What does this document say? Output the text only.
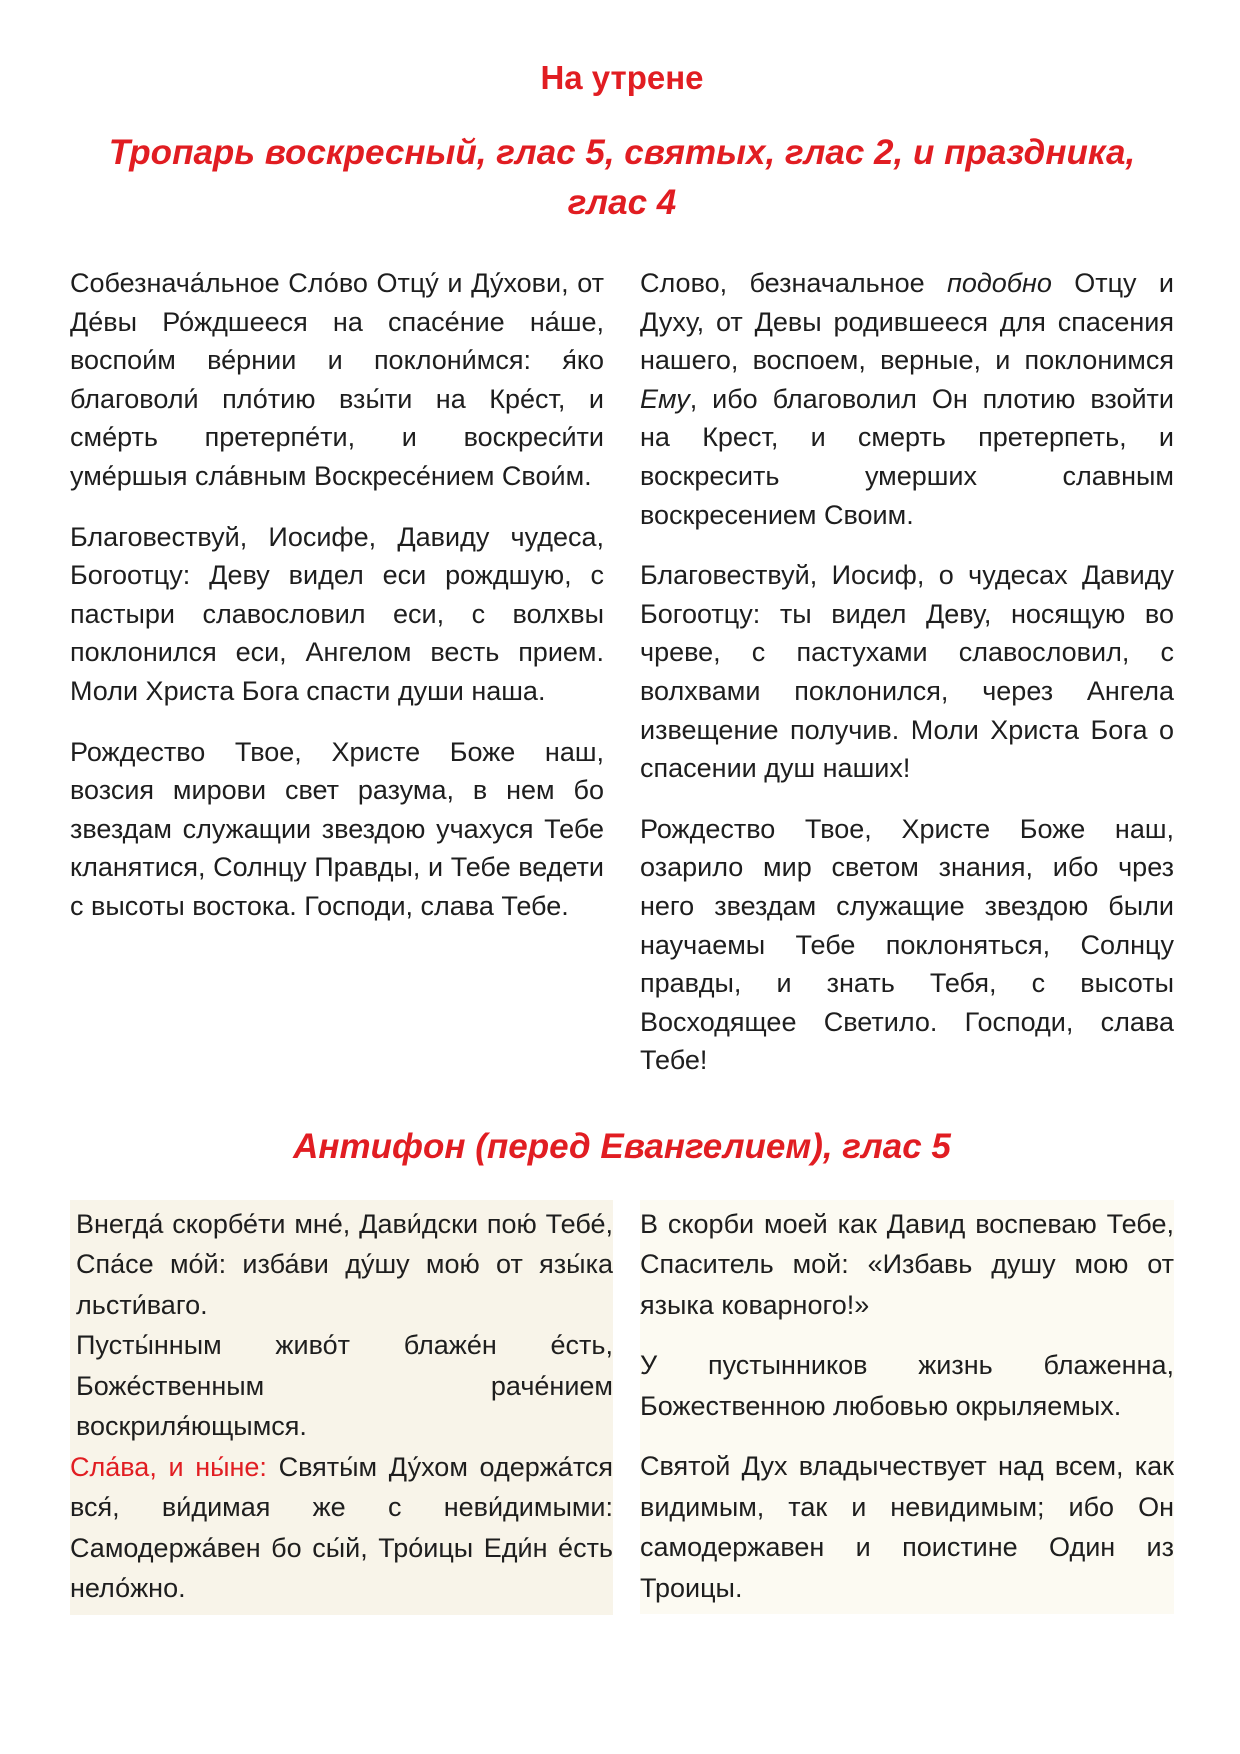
На утрене
Тропарь воскресный, глас 5, святых, глас 2, и праздника, глас 4

Собезнача́льное Сло́во Отцу́ и Ду́хови, от Де́вы Ро́ждшееся на спасе́ние на́ше, воспои́м ве́рнии и поклони́мся: я́ко благоволи́ пло́тию взы́ти на Кре́ст, и сме́рть претерпе́ти, и воскреси́ти уме́ршыя сла́вным Воскресе́нием Свои́м.

Благовествуй, Иосифе, Давиду чудеса, Богоотцу: Деву видел еси рождшую, с пастыри славословил еси, с волхвы поклонился еси, Ангелом весть прием. Моли Христа Бога спасти души наша.

Рождество Твое, Христе Боже наш, возсия мирови свет разума, в нем бо звездам служащии звездою учахуся Тебе кланятися, Солнцу Правды, и Тебе ведети с высоты востока. Господи, слава Тебе.

Слово, безначальное подобно Отцу и Духу, от Девы родившееся для спасения нашего, воспоем, верные, и поклонимся Ему, ибо благоволил Он плотию взойти на Крест, и смерть претерпеть, и воскресить умерших славным воскресением Своим.

Благовествуй, Иосиф, о чудесах Давиду Богоотцу: ты видел Деву, носящую во чреве, с пастухами славословил, с волхвами поклонился, через Ангела извещение получив. Моли Христа Бога о спасении душ наших!

Рождество Твое, Христе Боже наш, озарило мир светом знания, ибо чрез него звездам служащие звездою были научаемы Тебе поклоняться, Солнцу правды, и знать Тебя, с высоты Восходящее Светило. Господи, слава Тебе!

Антифон (перед Евангелием), глас 5

Внегда́ скорбе́ти мне́, Дави́дски пою́ Тебе́, Спа́се мо́й: изба́ви ду́шу мою́ от язы́ка льсти́ваго.

Пусты́нным живо́т блаже́н е́сть, Боже́ственным раче́нием воскриля́ющымся.

Сла́ва, и ны́не: Святы́м Ду́хом одержа́тся вся́, ви́димая же с неви́димыми: Самодержа́вен бо сы́й, Тро́ицы Еди́н е́сть нело́жно.

В скорби моей как Давид воспеваю Тебе, Спаситель мой: «Избавь душу мою от языка коварного!»

У пустынников жизнь блаженна, Божественною любовью окрыляемых.

Святой Дух владычествует над всем, как видимым, так и невидимым; ибо Он самодержавен и поистине Один из Троицы.
